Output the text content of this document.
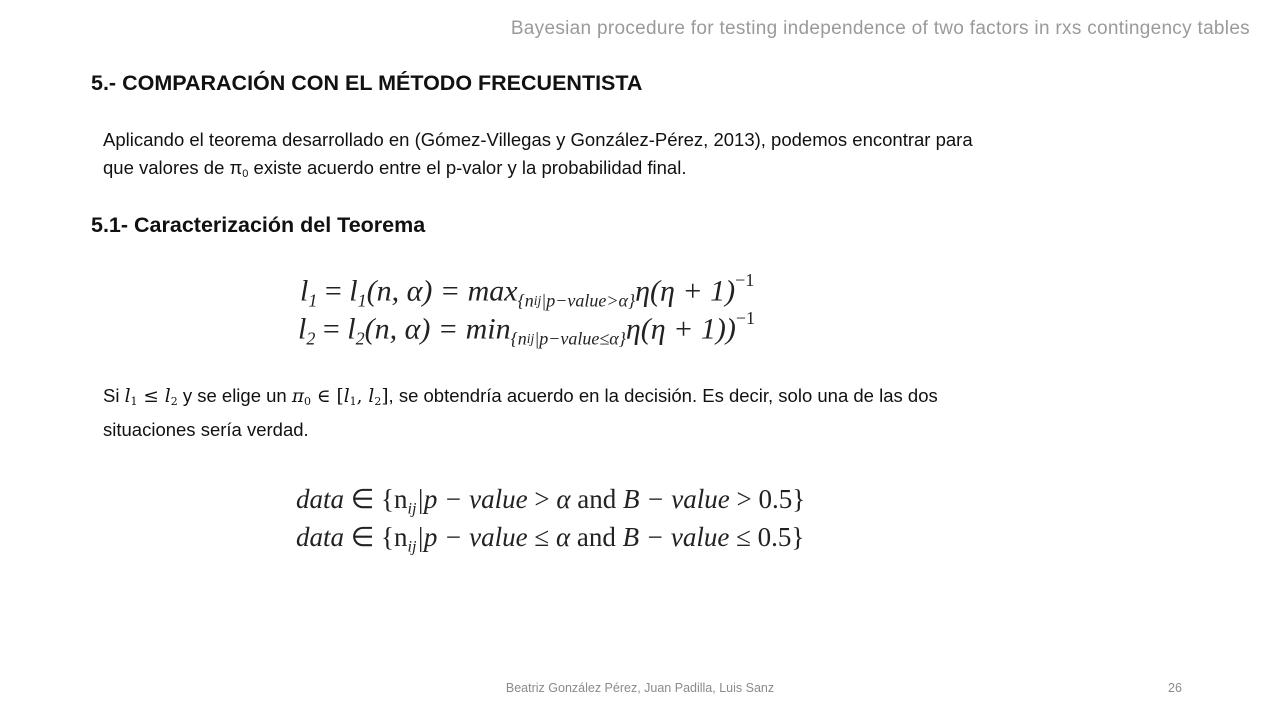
Bayesian procedure for testing independence of two factors in rxs contingency tables
5.- COMPARACIÓN CON EL MÉTODO FRECUENTISTA
Aplicando el teorema desarrollado en (Gómez-Villegas y González-Pérez, 2013), podemos encontrar para
que valores de π0 existe acuerdo entre el p-valor y la probabilidad final.
5.1- Caracterización del Teorema
$l_1 = l_1(n$, $\alpha) = \max_{\{nij|p-value>\alpha\}}\eta(\eta + 1)^{-1}$
$l_2 = l_2(n$, $\alpha) = \min_{\{nij|p-value\le\alpha\}}\eta(\eta + 1))^{-1}$
Si l1 ≤ l2 y se elige un π0 ∈ [l1, l2], se obtendría acuerdo en la decisión. Es decir, solo una de las dos
situaciones sería verdad.
data ∈ {$n_{ij}|p$ − value > α and B − value > 0.5}
data ∈ {$n_{ij}|p$ − value ≤ α and B − value ≤ 0.5}
Beatriz González Pérez, Juan Padilla, Luis Sanz	26
